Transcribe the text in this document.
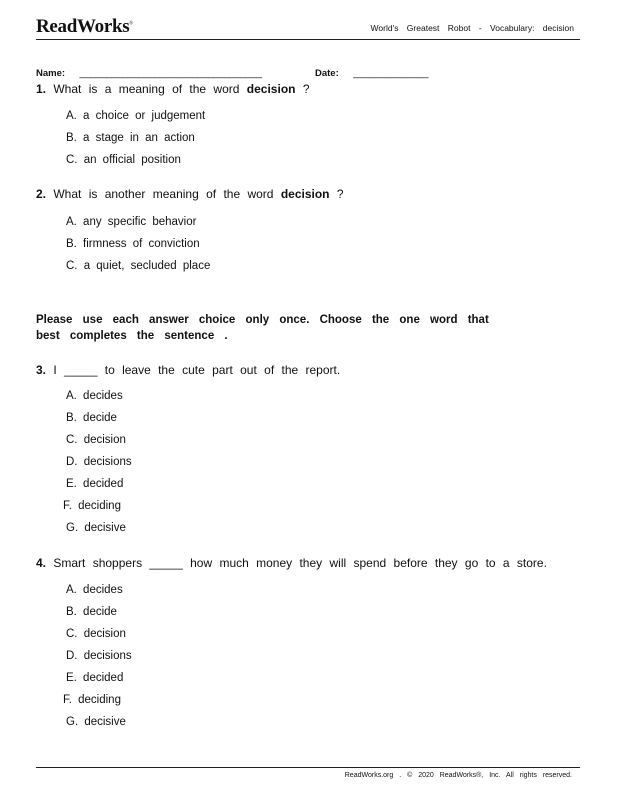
ReadWorks®	World's Greatest Robot - Vocabulary: decision
Name: __________________________________	Date: ______________
1. What is a meaning of the word decision ?
A. a choice or judgement
B. a stage in an action
C. an official position
2. What is another meaning of the word decision ?
A. any specific behavior
B. firmness of conviction
C. a quiet, secluded place
Please use each answer choice only once. Choose the one word that best completes the sentence .
3. I _____ to leave the cute part out of the report.
A. decides
B. decide
C. decision
D. decisions
E. decided
F. deciding
G. decisive
4. Smart shoppers _____ how much money they will spend before they go to a store.
A. decides
B. decide
C. decision
D. decisions
E. decided
F. deciding
G. decisive
ReadWorks.org . © 2020 ReadWorks®, Inc. All rights reserved.
